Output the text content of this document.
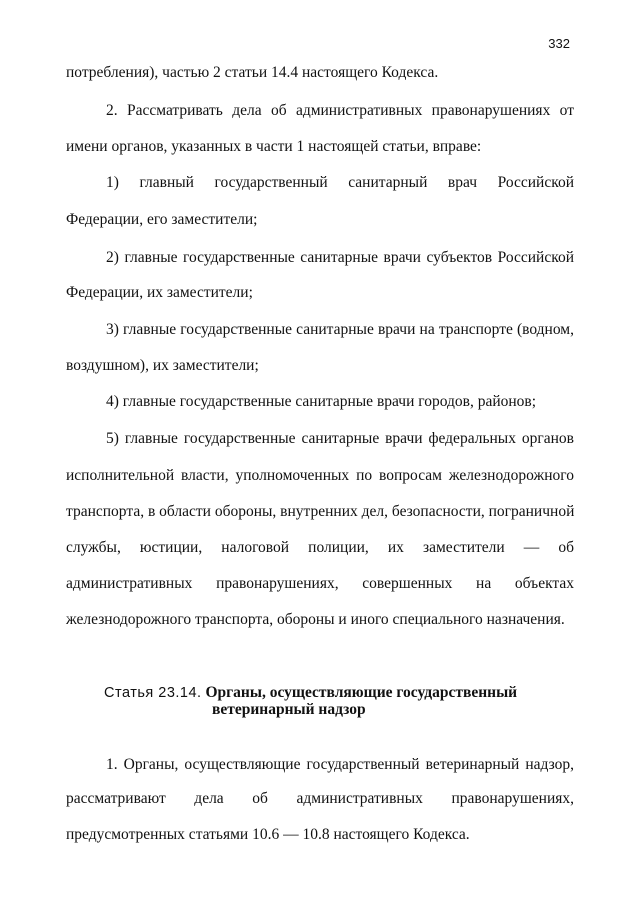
332
потребления), частью 2 статьи 14.4 настоящего Кодекса.
2. Рассматривать дела об административных правонарушениях от
имени органов, указанных в части 1 настоящей статьи, вправе:
1) главный государственный санитарный врач Российской
Федерации, его заместители;
2) главные государственные санитарные врачи субъектов Российской
Федерации, их заместители;
3) главные государственные санитарные врачи на транспорте (водном,
воздушном), их заместители;
4) главные государственные санитарные врачи городов, районов;
5) главные государственные санитарные врачи федеральных органов
исполнительной власти, уполномоченных по вопросам железнодорожного
транспорта, в области обороны, внутренних дел, безопасности, пограничной
службы, юстиции, налоговой полиции, их заместители — об
административных правонарушениях, совершенных на объектах
железнодорожного транспорта, обороны и иного специального назначения.
Статья 23.14. Органы, осуществляющие государственный
ветеринарный надзор
1. Органы, осуществляющие государственный ветеринарный надзор,
рассматривают дела об административных правонарушениях,
предусмотренных статьями 10.6 — 10.8 настоящего Кодекса.
